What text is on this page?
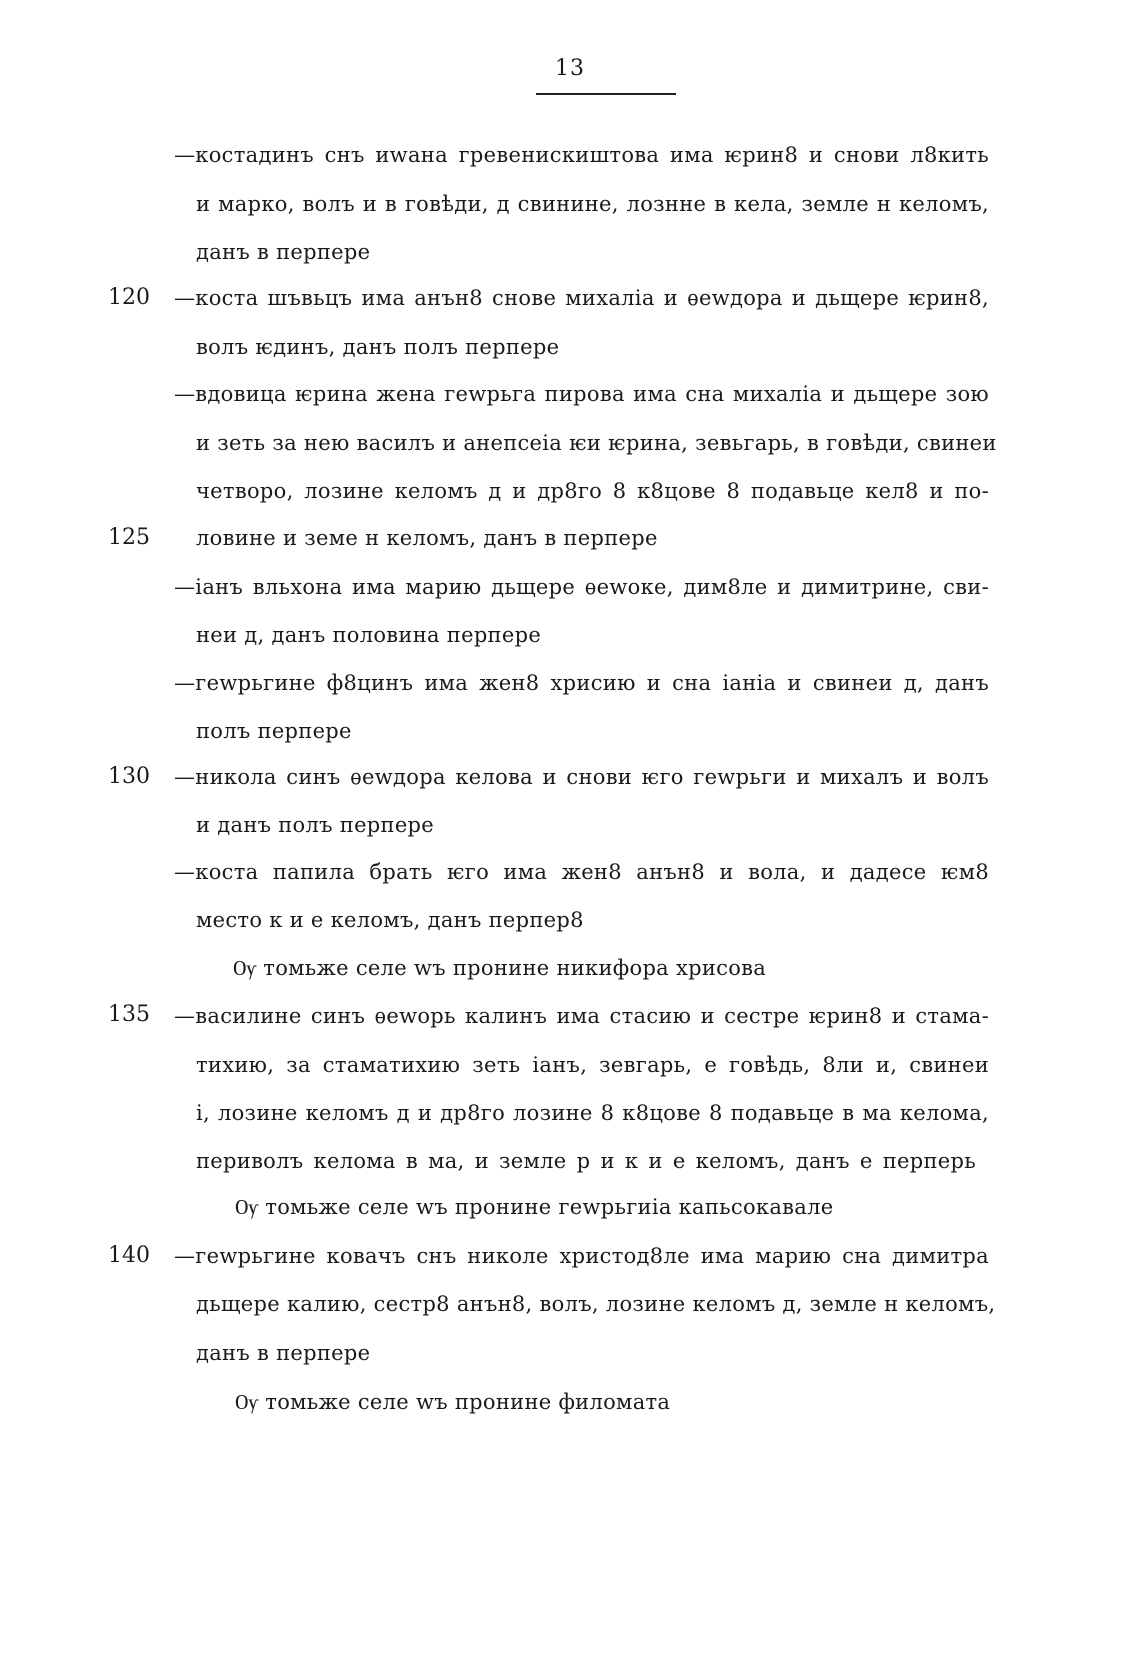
13
120
125
130
135
140
—костадинъ снъ иwана гревенискиштова има ѥрин8 и снови л8кить
и марко, волъ и в говѣди, д свинине, лознне в кела, земле н келомъ,
данъ в перпере
—коста шъвьцъ има анън8 снове михаліа и ѳеwдора и дьщере ѥрин8,
волъ ѥдинъ, данъ полъ перпере
—вдовица ѥрина жена геwрьга пирова има сна михаліа и дьщере зою
и зеть за нею василъ и анепсеіа ѥи ѥрина, зевьгарь, в говѣди, свинеи
четворо, лозине келомъ д и др8го 8 к8цове 8 подавьце кел8 и по-
ловине и земе н келомъ, данъ в перпере
—іанъ вльхона има марию дьщере ѳеwоке, дим8ле и димитрине, сви-
неи д, данъ половина перпере
—геwрьгине ф8цинъ има жен8 хрисию и сна іаніа и свинеи д, данъ
полъ перпере
—никола синъ ѳеwдора келова и снови ѥго геwрьги и михалъ и волъ
и данъ полъ перпере
—коста папила брать ѥго има жен8 анън8 и вола, и дадесе ѥм8
место к и е келомъ, данъ перпер8
Ѹ томьже селе wъ пронине никифора хрисова
—василине синъ ѳеwорь калинъ има стасию и сестре ѥрин8 и стама-
тихию, за стаматихию зеть іанъ, зевгарь, е говѣдь, 8ли и, свинеи
і, лозине келомъ д и др8го лозине 8 к8цове 8 подавьце в ма келома,
периволъ келома в ма, и земле р и к и е келомъ, данъ е перперь
Ѹ томьже селе wъ пронине геwрьгиіа капьсокавале
—геwрьгине ковачъ снъ николе христод8ле има марию сна димитра
дьщере калию, сестр8 анън8, волъ, лозине келомъ д, земле н келомъ,
данъ в перпере
Ѹ томьже селе wъ пронине филомата
